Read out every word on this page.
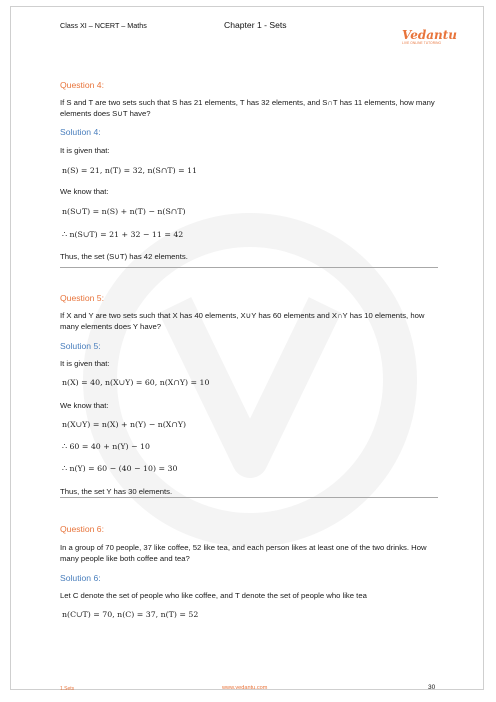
Class XI – NCERT – Maths	Chapter 1 - Sets
Vedantu
LIVE ONLINE TUTORING
Question 4:
If S and T are two sets such that S has 21 elements, T has 32 elements, and S∩T has 11 elements, how many elements does S∪T have?
Solution 4:
It is given that:
n(S) = 21, n(T) = 32, n(S∩T) = 11
We know that:
n(S∪T) = n(S) + n(T) − n(S∩T)
∴ n(S∪T) = 21 + 32 − 11 = 42
Thus, the set (S∪T) has 42 elements.
Question 5:
If X and Y are two sets such that X has 40 elements, X∪Y has 60 elements and X∩Y has 10 elements, how many elements does Y have?
Solution 5:
It is given that:
n(X) = 40, n(X∪Y) = 60, n(X∩Y) = 10
We know that:
n(X∪Y) = n(X) + n(Y) − n(X∩Y)
∴ 60 = 40 + n(Y) − 10
∴ n(Y) = 60 − (40 − 10) = 30
Thus, the set Y has 30 elements.
Question 6:
In a group of 70 people, 37 like coffee, 52 like tea, and each person likes at least one of the two drinks. How many people like both coffee and tea?
Solution 6:
Let C denote the set of people who like coffee, and T denote the set of people who like tea
n(C∪T) = 70, n(C) = 37, n(T) = 52
1.Sets	www.vedantu.com	30
